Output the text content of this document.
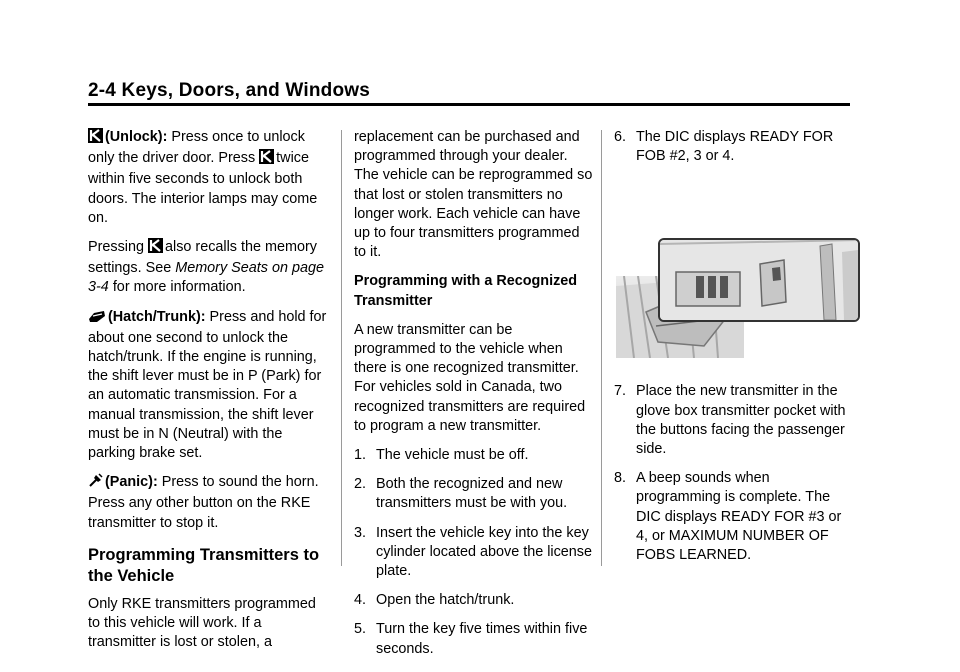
2-4 Keys, Doors, and Windows

(Unlock): Press once to unlock only the driver door. Press twice within five seconds to unlock both doors. The interior lamps may come on.

Pressing also recalls the memory settings. See Memory Seats on page 3-4 for more information.

(Hatch/Trunk): Press and hold for about one second to unlock the hatch/trunk. If the engine is running, the shift lever must be in P (Park) for an automatic transmission. For a manual transmission, the shift lever must be in N (Neutral) with the parking brake set.

(Panic): Press to sound the horn. Press any other button on the RKE transmitter to stop it.

Programming Transmitters to the Vehicle

Only RKE transmitters programmed to this vehicle will work. If a transmitter is lost or stolen, a

replacement can be purchased and programmed through your dealer. The vehicle can be reprogrammed so that lost or stolen transmitters no longer work. Each vehicle can have up to four transmitters programmed to it.

Programming with a Recognized Transmitter

A new transmitter can be programmed to the vehicle when there is one recognized transmitter. For vehicles sold in Canada, two recognized transmitters are required to program a new transmitter.

1. The vehicle must be off.
2. Both the recognized and new transmitters must be with you.
3. Insert the vehicle key into the key cylinder located above the license plate.
4. Open the hatch/trunk.
5. Turn the key five times within five seconds.
6. The DIC displays READY FOR FOB #2, 3 or 4.
7. Place the new transmitter in the glove box transmitter pocket with the buttons facing the passenger side.
8. A beep sounds when programming is complete. The DIC displays READY FOR #3 or 4, or MAXIMUM NUMBER OF FOBS LEARNED.
